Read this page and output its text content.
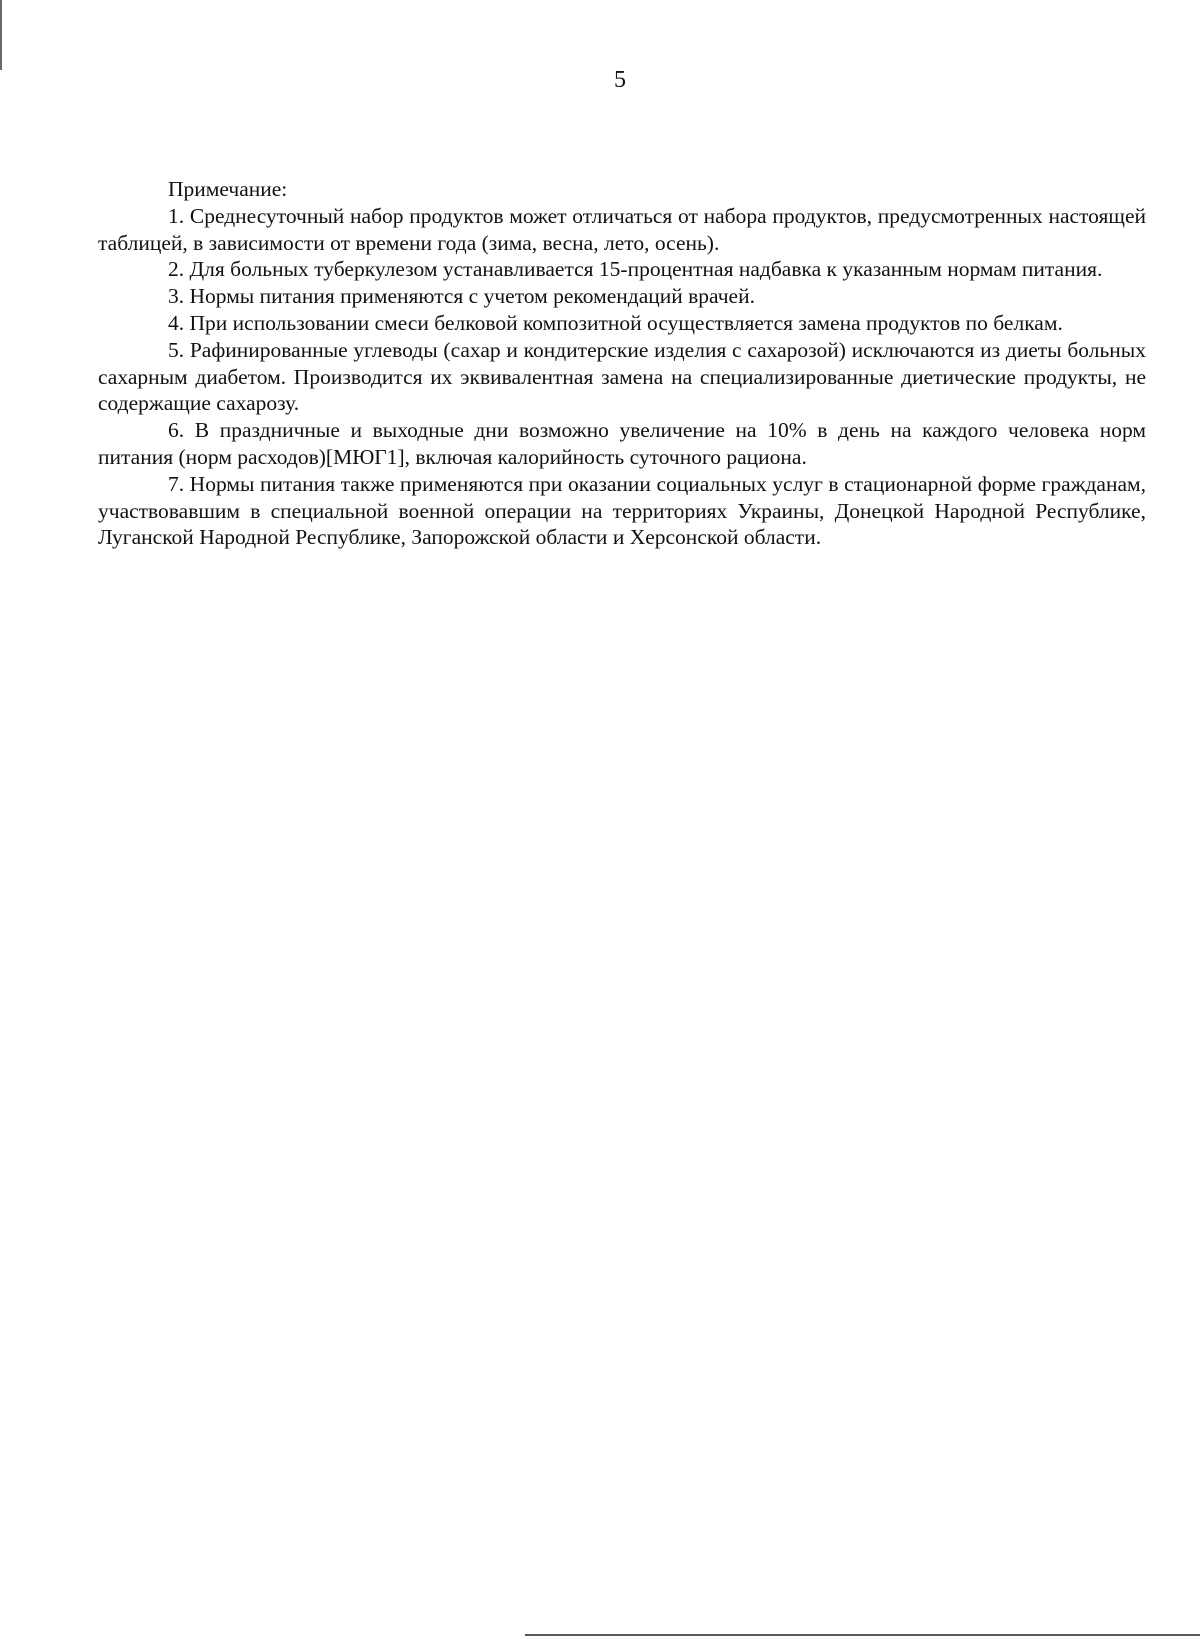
5

Примечание:

1. Среднесуточный набор продуктов может отличаться от набора продуктов, предусмотренных настоящей таблицей, в зависимости от времени года (зима, весна, лето, осень).

2. Для больных туберкулезом устанавливается 15-процентная надбавка к указанным нормам питания.

3. Нормы питания применяются с учетом рекомендаций врачей.

4. При использовании смеси белковой композитной осуществляется замена продуктов по белкам.

5. Рафинированные углеводы (сахар и кондитерские изделия с сахарозой) исключаются из диеты больных сахарным диабетом. Производится их эквивалентная замена на специализированные диетические продукты, не содержащие сахарозу.

6. В праздничные и выходные дни возможно увеличение на 10% в день на каждого человека норм питания (норм расходов)[МЮГ1], включая калорийность суточного рациона.

7. Нормы питания также применяются при оказании социальных услуг в стационарной форме гражданам, участвовавшим в специальной военной операции на территориях Украины, Донецкой Народной Республике, Луганской Народной Республике, Запорожской области и Херсонской области.
